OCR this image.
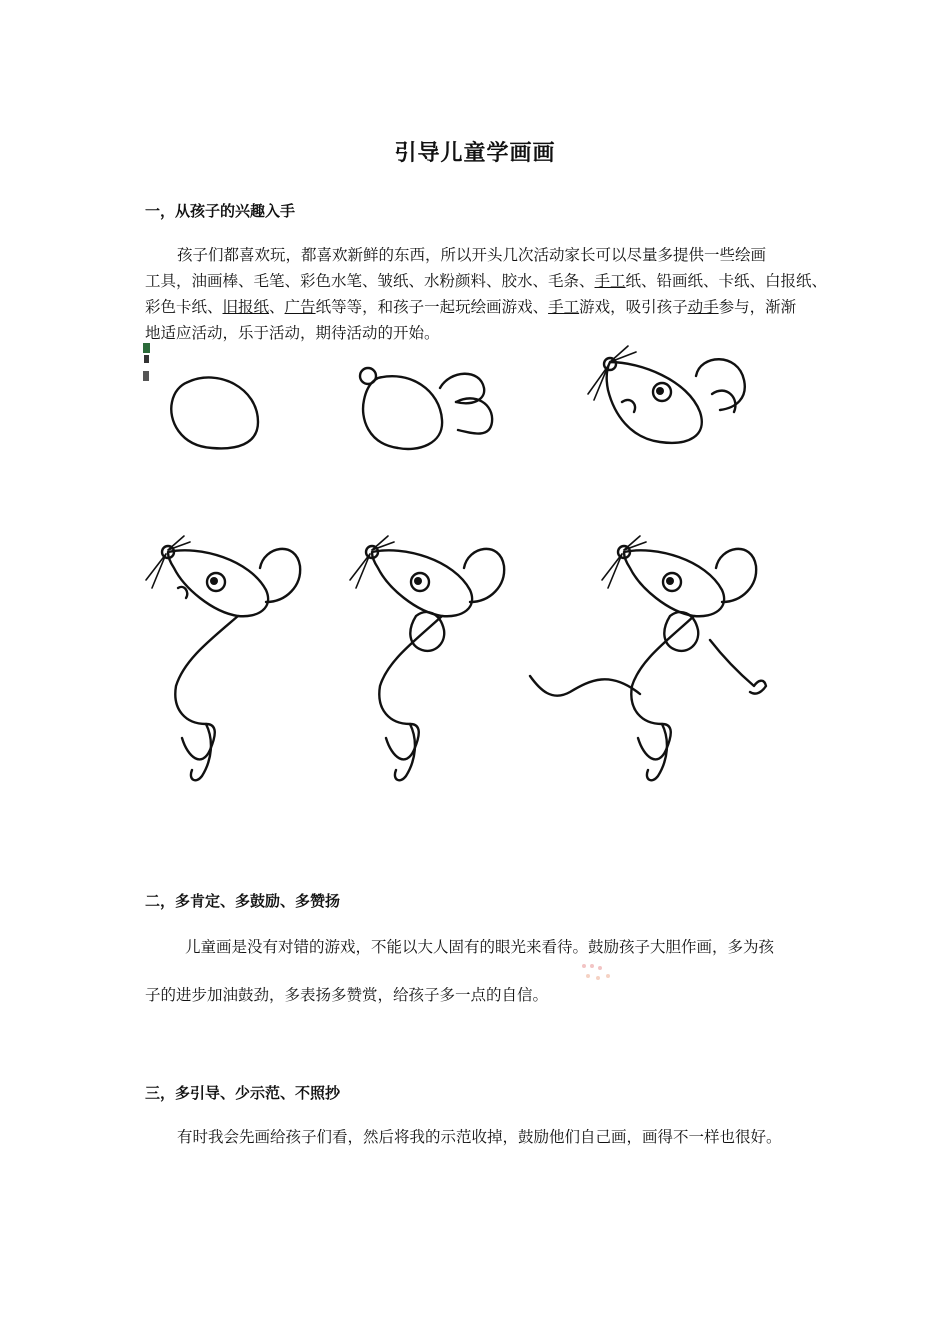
引导儿童学画画
一，从孩子的兴趣入手
孩子们都喜欢玩，都喜欢新鲜的东西，所以开头几次活动家长可以尽量多提供一些绘画
工具，油画棒、毛笔、彩色水笔、皱纸、水粉颜料、胶水、毛条、手工纸、铅画纸、卡纸、白报纸、
彩色卡纸、旧报纸、广告纸等等，和孩子一起玩绘画游戏、手工游戏，吸引孩子动手参与，渐渐
地适应活动，乐于活动，期待活动的开始。
二，多肯定、多鼓励、多赞扬
儿童画是没有对错的游戏，不能以大人固有的眼光来看待。鼓励孩子大胆作画，多为孩
子的进步加油鼓劲，多表扬多赞赏，给孩子多一点的自信。
三，多引导、少示范、不照抄
有时我会先画给孩子们看，然后将我的示范收掉，鼓励他们自己画，画得不一样也很好。
